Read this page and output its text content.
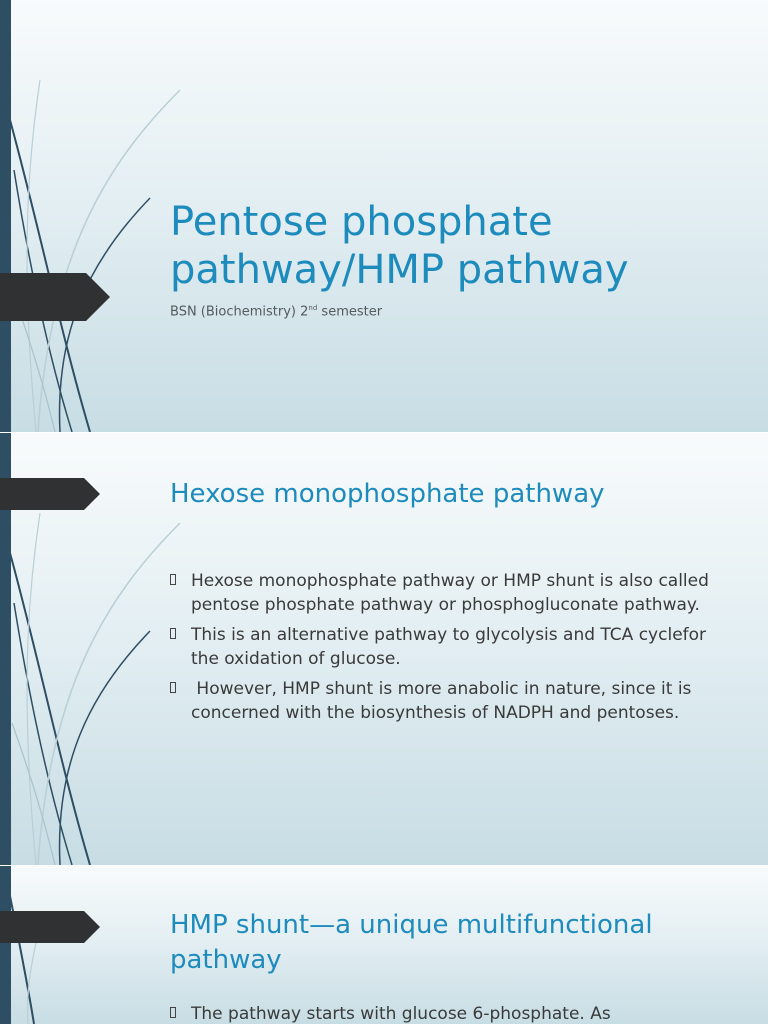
Pentose phosphate pathway/HMP pathway

BSN (Biochemistry) 2nd semester

Hexose monophosphate pathway
Hexose monophosphate pathway or HMP shunt is also called pentose phosphate pathway or phosphogluconate pathway.
This is an alternative pathway to glycolysis and TCA cyclefor the oxidation of glucose.
However, HMP shunt is more anabolic in nature, since it is concerned with the biosynthesis of NADPH and pentoses.
HMP shunt—a unique multifunctional pathway
The pathway starts with glucose 6-phosphate. As
